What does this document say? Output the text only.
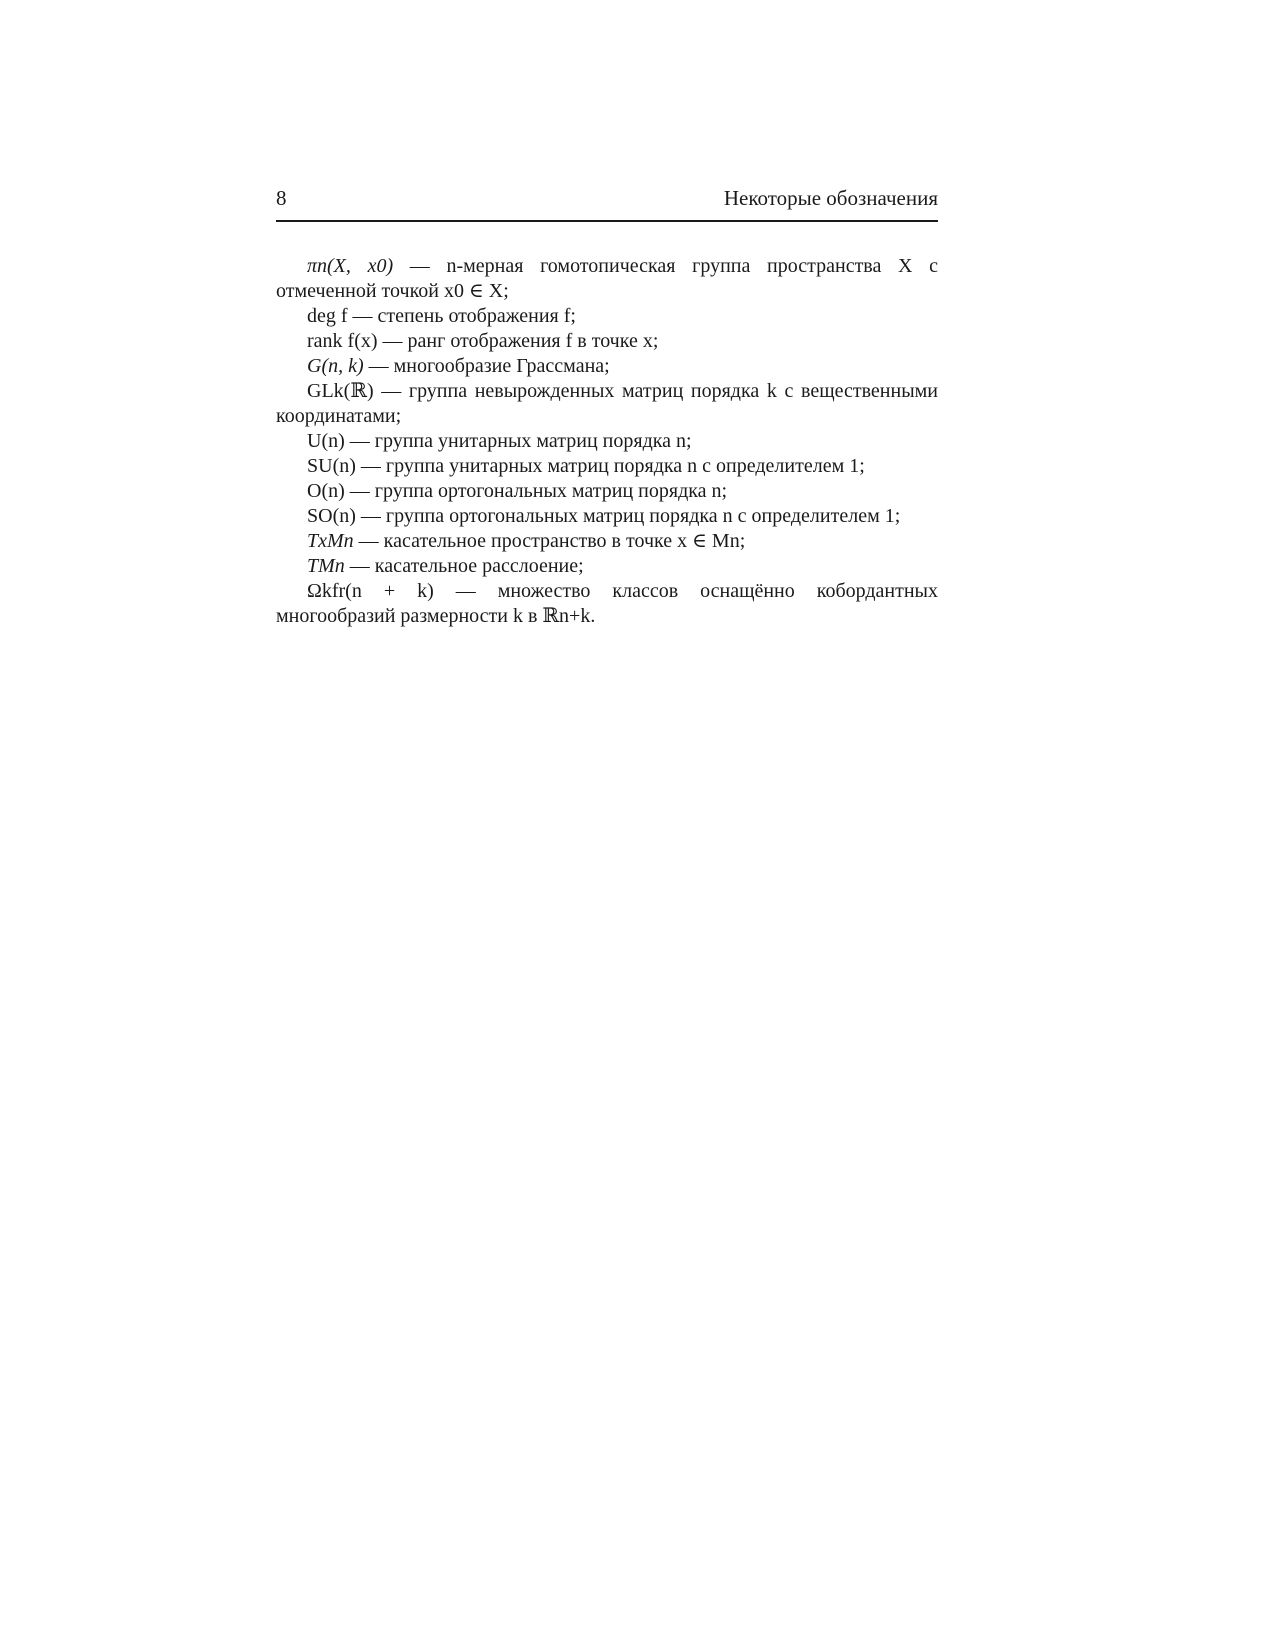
8	Некоторые обозначения

πn(X, x0) — n-мерная гомотопическая группа пространства X с отмеченной точкой x0 ∈ X;

deg f — степень отображения f;

rank f(x) — ранг отображения f в точке x;

G(n, k) — многообразие Грассмана;

GLk(ℝ) — группа невырожденных матриц порядка k с вещественными координатами;

U(n) — группа унитарных матриц порядка n;

SU(n) — группа унитарных матриц порядка n с определителем 1;

O(n) — группа ортогональных матриц порядка n;

SO(n) — группа ортогональных матриц порядка n с определителем 1;

TxMn — касательное пространство в точке x ∈ Mn;

TMn — касательное расслоение;

Ωkfr(n + k) — множество классов оснащённо кобордантных многообразий размерности k в ℝn+k.
